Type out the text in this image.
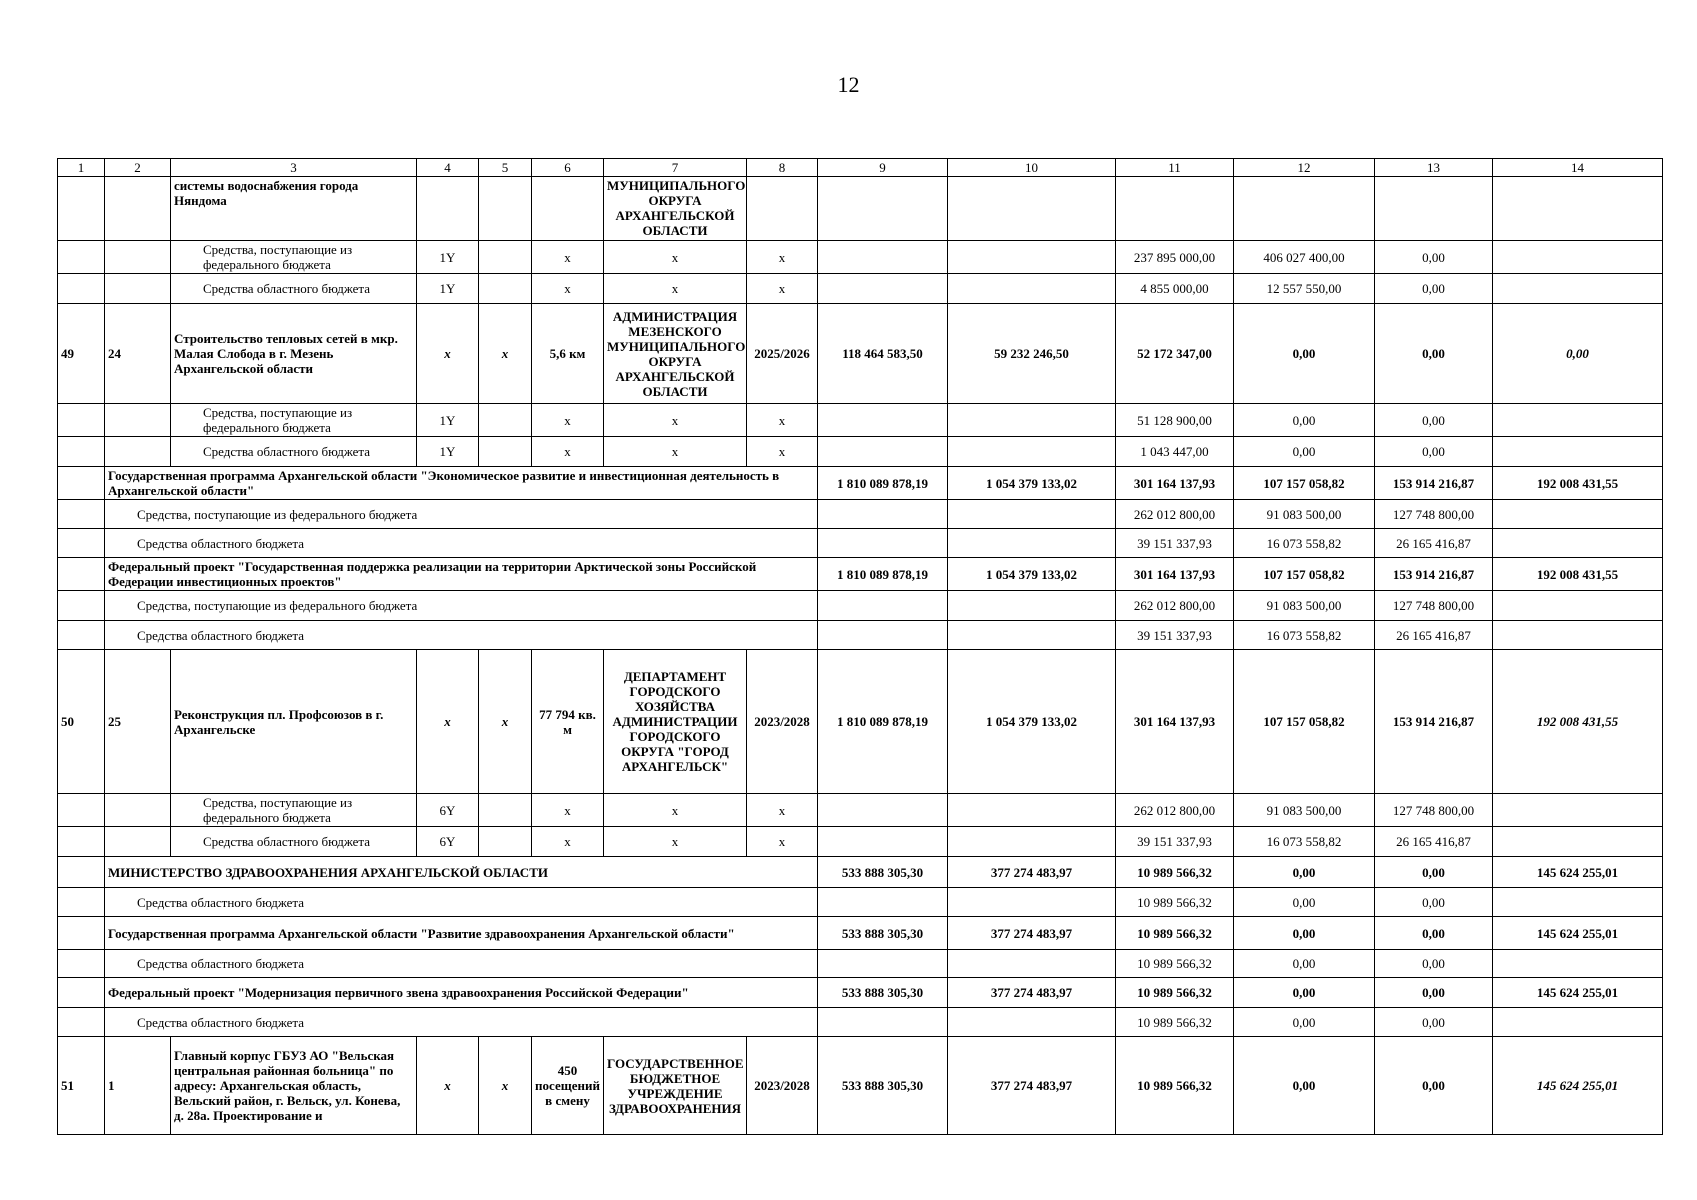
12
1	2	3	4	5	6	7	8	9	10	11	12	13	14
		системы водоснабжения города Няндома				МУНИЦИПАЛЬНОГО ОКРУГА АРХАНГЕЛЬСКОЙ ОБЛАСТИ							
		Средства, поступающие из федерального бюджета	1Y		х	х	х			237 895 000,00	406 027 400,00	0,00	
		Средства областного бюджета	1Y		х	х	х			4 855 000,00	12 557 550,00	0,00	
49	24	Строительство тепловых сетей в мкр. Малая Слобода в г. Мезень Архангельской области	х	х	5,6 км	АДМИНИСТРАЦИЯ МЕЗЕНСКОГО МУНИЦИПАЛЬНОГО ОКРУГА АРХАНГЕЛЬСКОЙ ОБЛАСТИ	2025/2026	118 464 583,50	59 232 246,50	52 172 347,00	0,00	0,00	0,00
		Средства, поступающие из федерального бюджета	1Y		х	х	х			51 128 900,00	0,00	0,00	
		Средства областного бюджета	1Y		х	х	х			1 043 447,00	0,00	0,00	
	Государственная программа Архангельской области "Экономическое развитие и инвестиционная деятельность в Архангельской области"							1 810 089 878,19	1 054 379 133,02	301 164 137,93	107 157 058,82	153 914 216,87	192 008 431,55
	Средства, поступающие из федерального бюджета									262 012 800,00	91 083 500,00	127 748 800,00	
	Средства областного бюджета									39 151 337,93	16 073 558,82	26 165 416,87	
	Федеральный проект "Государственная поддержка реализации на территории Арктической зоны Российской Федерации инвестиционных проектов"							1 810 089 878,19	1 054 379 133,02	301 164 137,93	107 157 058,82	153 914 216,87	192 008 431,55
	Средства, поступающие из федерального бюджета									262 012 800,00	91 083 500,00	127 748 800,00	
	Средства областного бюджета									39 151 337,93	16 073 558,82	26 165 416,87	
50	25	Реконструкция пл. Профсоюзов в г. Архангельске	х	х	77 794 кв. м	ДЕПАРТАМЕНТ ГОРОДСКОГО ХОЗЯЙСТВА АДМИНИСТРАЦИИ ГОРОДСКОГО ОКРУГА "ГОРОД АРХАНГЕЛЬСК"	2023/2028	1 810 089 878,19	1 054 379 133,02	301 164 137,93	107 157 058,82	153 914 216,87	192 008 431,55
		Средства, поступающие из федерального бюджета	6Y		х	х	х			262 012 800,00	91 083 500,00	127 748 800,00	
		Средства областного бюджета	6Y		х	х	х			39 151 337,93	16 073 558,82	26 165 416,87	
	МИНИСТЕРСТВО ЗДРАВООХРАНЕНИЯ АРХАНГЕЛЬСКОЙ ОБЛАСТИ							533 888 305,30	377 274 483,97	10 989 566,32	0,00	0,00	145 624 255,01
	Средства областного бюджета									10 989 566,32	0,00	0,00	
	Государственная программа Архангельской области "Развитие здравоохранения Архангельской области"							533 888 305,30	377 274 483,97	10 989 566,32	0,00	0,00	145 624 255,01
	Средства областного бюджета									10 989 566,32	0,00	0,00	
	Федеральный проект "Модернизация первичного звена здравоохранения Российской Федерации"							533 888 305,30	377 274 483,97	10 989 566,32	0,00	0,00	145 624 255,01
	Средства областного бюджета									10 989 566,32	0,00	0,00	
51	1	Главный корпус ГБУЗ АО "Вельская центральная районная больница" по адресу: Архангельская область, Вельский район, г. Вельск, ул. Конева, д. 28а. Проектирование и	х	х	450 посещений в смену	ГОСУДАРСТВЕННОЕ БЮДЖЕТНОЕ УЧРЕЖДЕНИЕ ЗДРАВООХРАНЕНИЯ	2023/2028	533 888 305,30	377 274 483,97	10 989 566,32	0,00	0,00	145 624 255,01
